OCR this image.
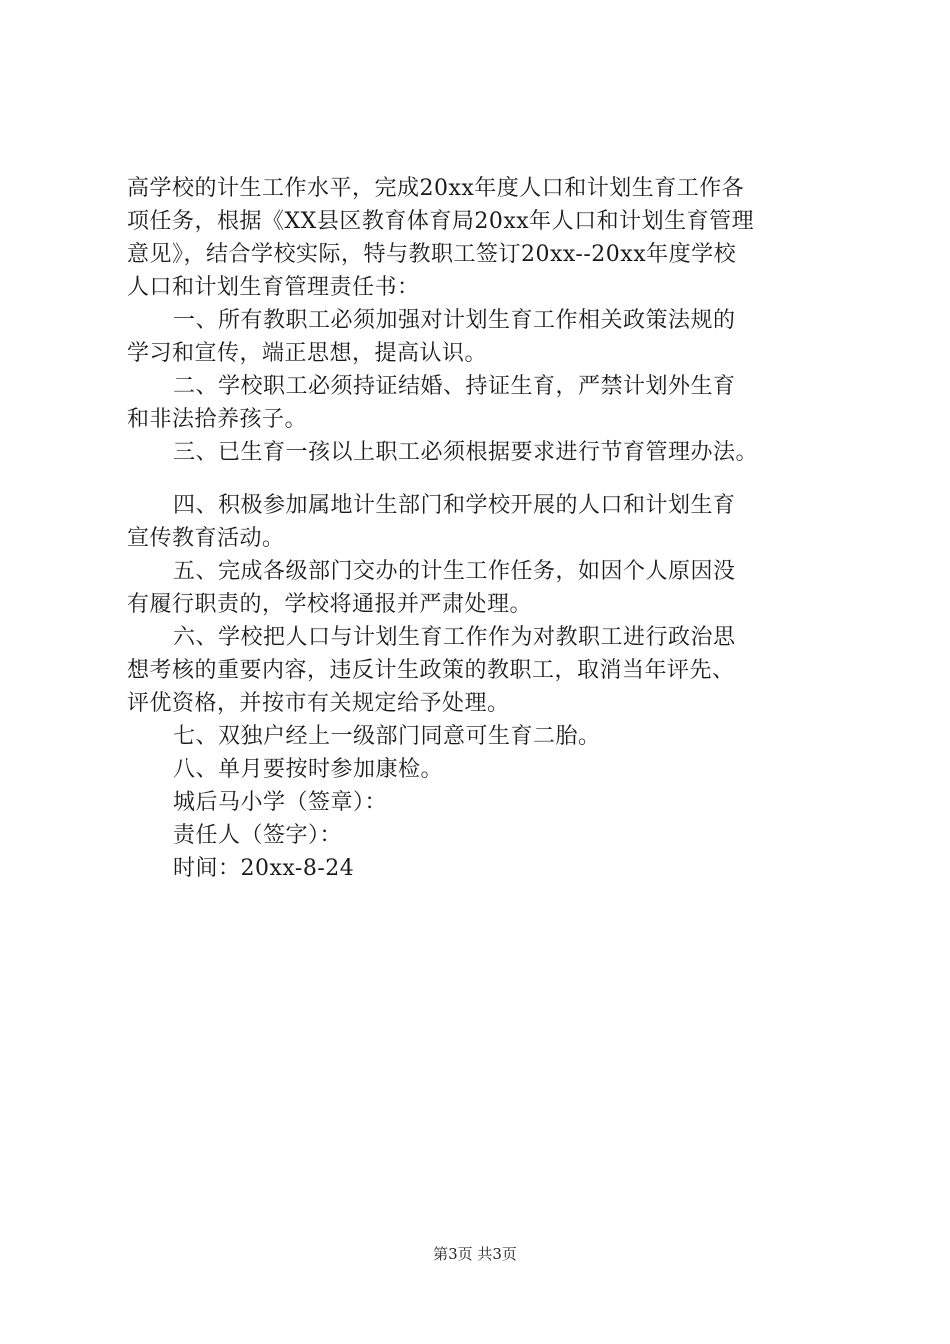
高学校的计生工作水平，完成20xx年度人口和计划生育工作各
项任务，根据《XX县区教育体育局20xx年人口和计划生育管理
意见》，结合学校实际，特与教职工签订20xx--20xx年度学校
人口和计划生育管理责任书：
一、所有教职工必须加强对计划生育工作相关政策法规的
学习和宣传，端正思想，提高认识。
二、学校职工必须持证结婚、持证生育，严禁计划外生育
和非法拾养孩子。
三、已生育一孩以上职工必须根据要求进行节育管理办法。
四、积极参加属地计生部门和学校开展的人口和计划生育
宣传教育活动。
五、完成各级部门交办的计生工作任务，如因个人原因没
有履行职责的，学校将通报并严肃处理。
六、学校把人口与计划生育工作作为对教职工进行政治思
想考核的重要内容，违反计生政策的教职工，取消当年评先、
评优资格，并按市有关规定给予处理。
七、双独户经上一级部门同意可生育二胎。
八、单月要按时参加康检。
城后马小学（签章）：
责任人（签字）：
时间：20xx-8-24
第3页 共3页
